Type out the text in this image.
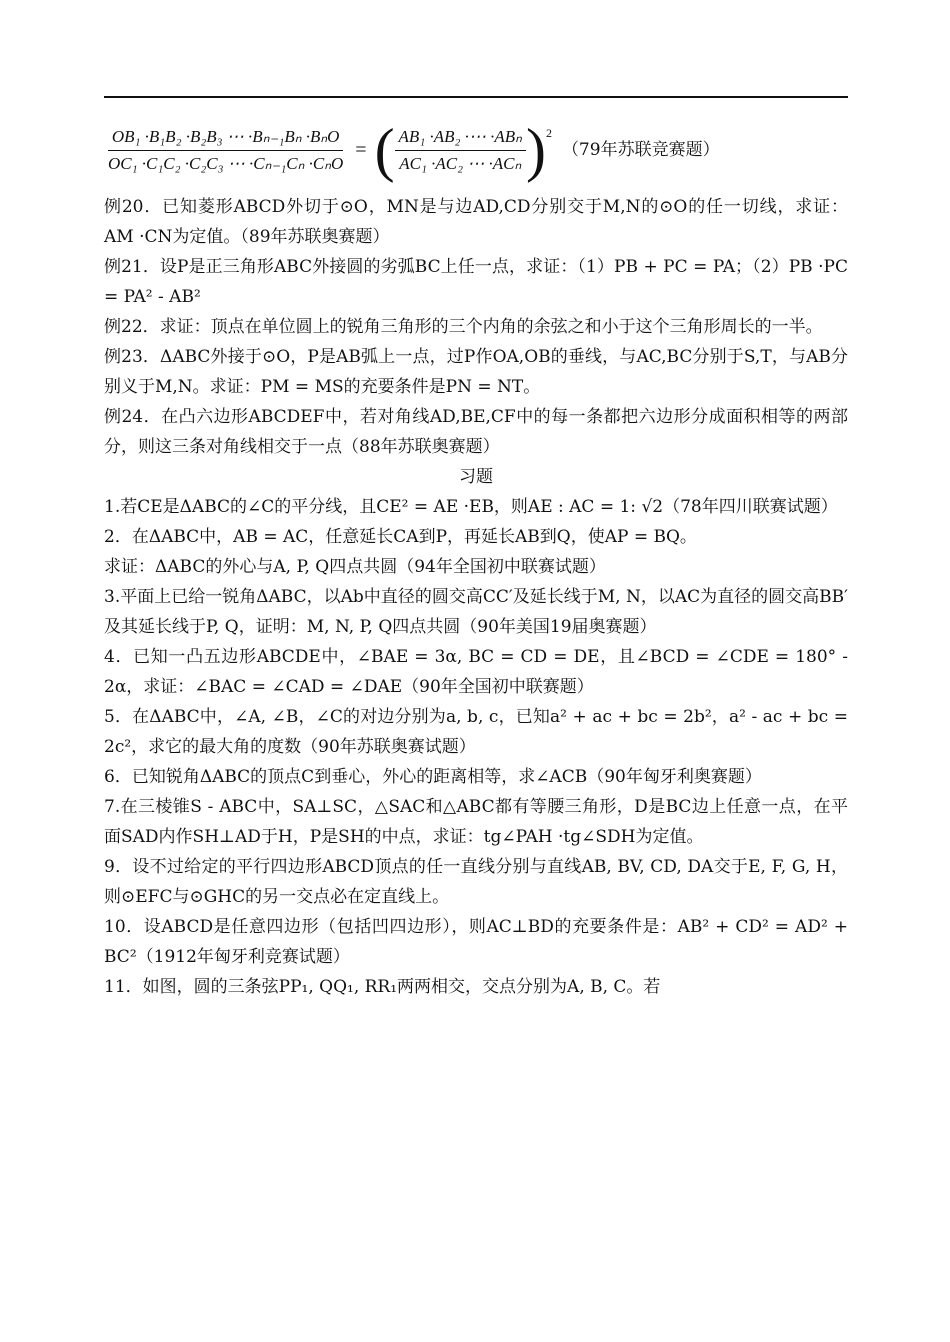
$\frac{\text{OB₁ ·B₁B₂ ·B₂B₃ ⋯ ·Bₙ₋₁Bₙ ·BₙO}}{\text{OC₁ ·C₁C₂ ·C₂C₃ ⋯ ·Cₙ₋₁Cₙ ·CₙO}}$ = ( $\frac{\text{AB₁ ·AB₂ ·⋯ ·ABₙ}}{\text{AC₁ ·AC₂ ⋯ ·ACₙ}}$ ) 2
（79年苏联竞赛题）

例20．已知菱形ABCD外切于⊙O，MN是与边AD,CD分别交于M,N的⊙O的任一切线，求证：AM ·CN为定值。（89年苏联奥赛题）

例21．设P是正三角形ABC外接圆的劣弧BC上任一点，求证：（1）PB + PC = PA；（2）PB ·PC = PA² - AB²

例22．求证：顶点在单位圆上的锐角三角形的三个内角的余弦之和小于这个三角形周长的一半。

例23．ΔABC外接于⊙O，P是AB弧上一点，过P作OA,OB的垂线，与AC,BC分别于S,T，与AB分别义于M,N。求证：PM = MS的充要条件是PN = NT。

例24．在凸六边形ABCDEF中，若对角线AD,BE,CF中的每一条都把六边形分成面积相等的两部分，则这三条对角线相交于一点（88年苏联奥赛题）

习题

1.若CE是ΔABC的∠C的平分线，且CE² = AE ·EB，则AE : AC = 1: √2（78年四川联赛试题）

2．在ΔABC中，AB = AC，任意延长CA到P，再延长AB到Q，使AP = BQ。

求证：ΔABC的外心与A, P, Q四点共圆（94年全国初中联赛试题）

3.平面上已给一锐角ΔABC，以Ab中直径的圆交高CC′及延长线于M, N，以AC为直径的圆交高BB′及其延长线于P, Q，证明：M, N, P, Q四点共圆（90年美国19届奥赛题）

4．已知一凸五边形ABCDE中，∠BAE = 3α, BC = CD = DE，且∠BCD = ∠CDE = 180° - 2α，求证：∠BAC = ∠CAD = ∠DAE（90年全国初中联赛题）

5．在ΔABC中，∠A, ∠B，∠C的对边分别为a, b, c，已知a² + ac + bc = 2b²，a² - ac + bc = 2c²，求它的最大角的度数（90年苏联奥赛试题）

6．已知锐角ΔABC的顶点C到垂心，外心的距离相等，求∠ACB（90年匈牙利奥赛题）

7.在三棱锥S - ABC中，SA⊥SC，△SAC和△ABC都有等腰三角形，D是BC边上任意一点，在平面SAD内作SH⊥AD于H，P是SH的中点，求证：tg∠PAH ·tg∠SDH为定值。

9．设不过给定的平行四边形ABCD顶点的任一直线分别与直线AB, BV, CD, DA交于E, F, G, H，则⊙EFC与⊙GHC的另一交点必在定直线上。

10．设ABCD是任意四边形（包括凹四边形），则AC⊥BD的充要条件是：AB² + CD² = AD² + BC²（1912年匈牙利竞赛试题）

11．如图，圆的三条弦PP₁, QQ₁, RR₁两两相交，交点分别为A, B, C。若
